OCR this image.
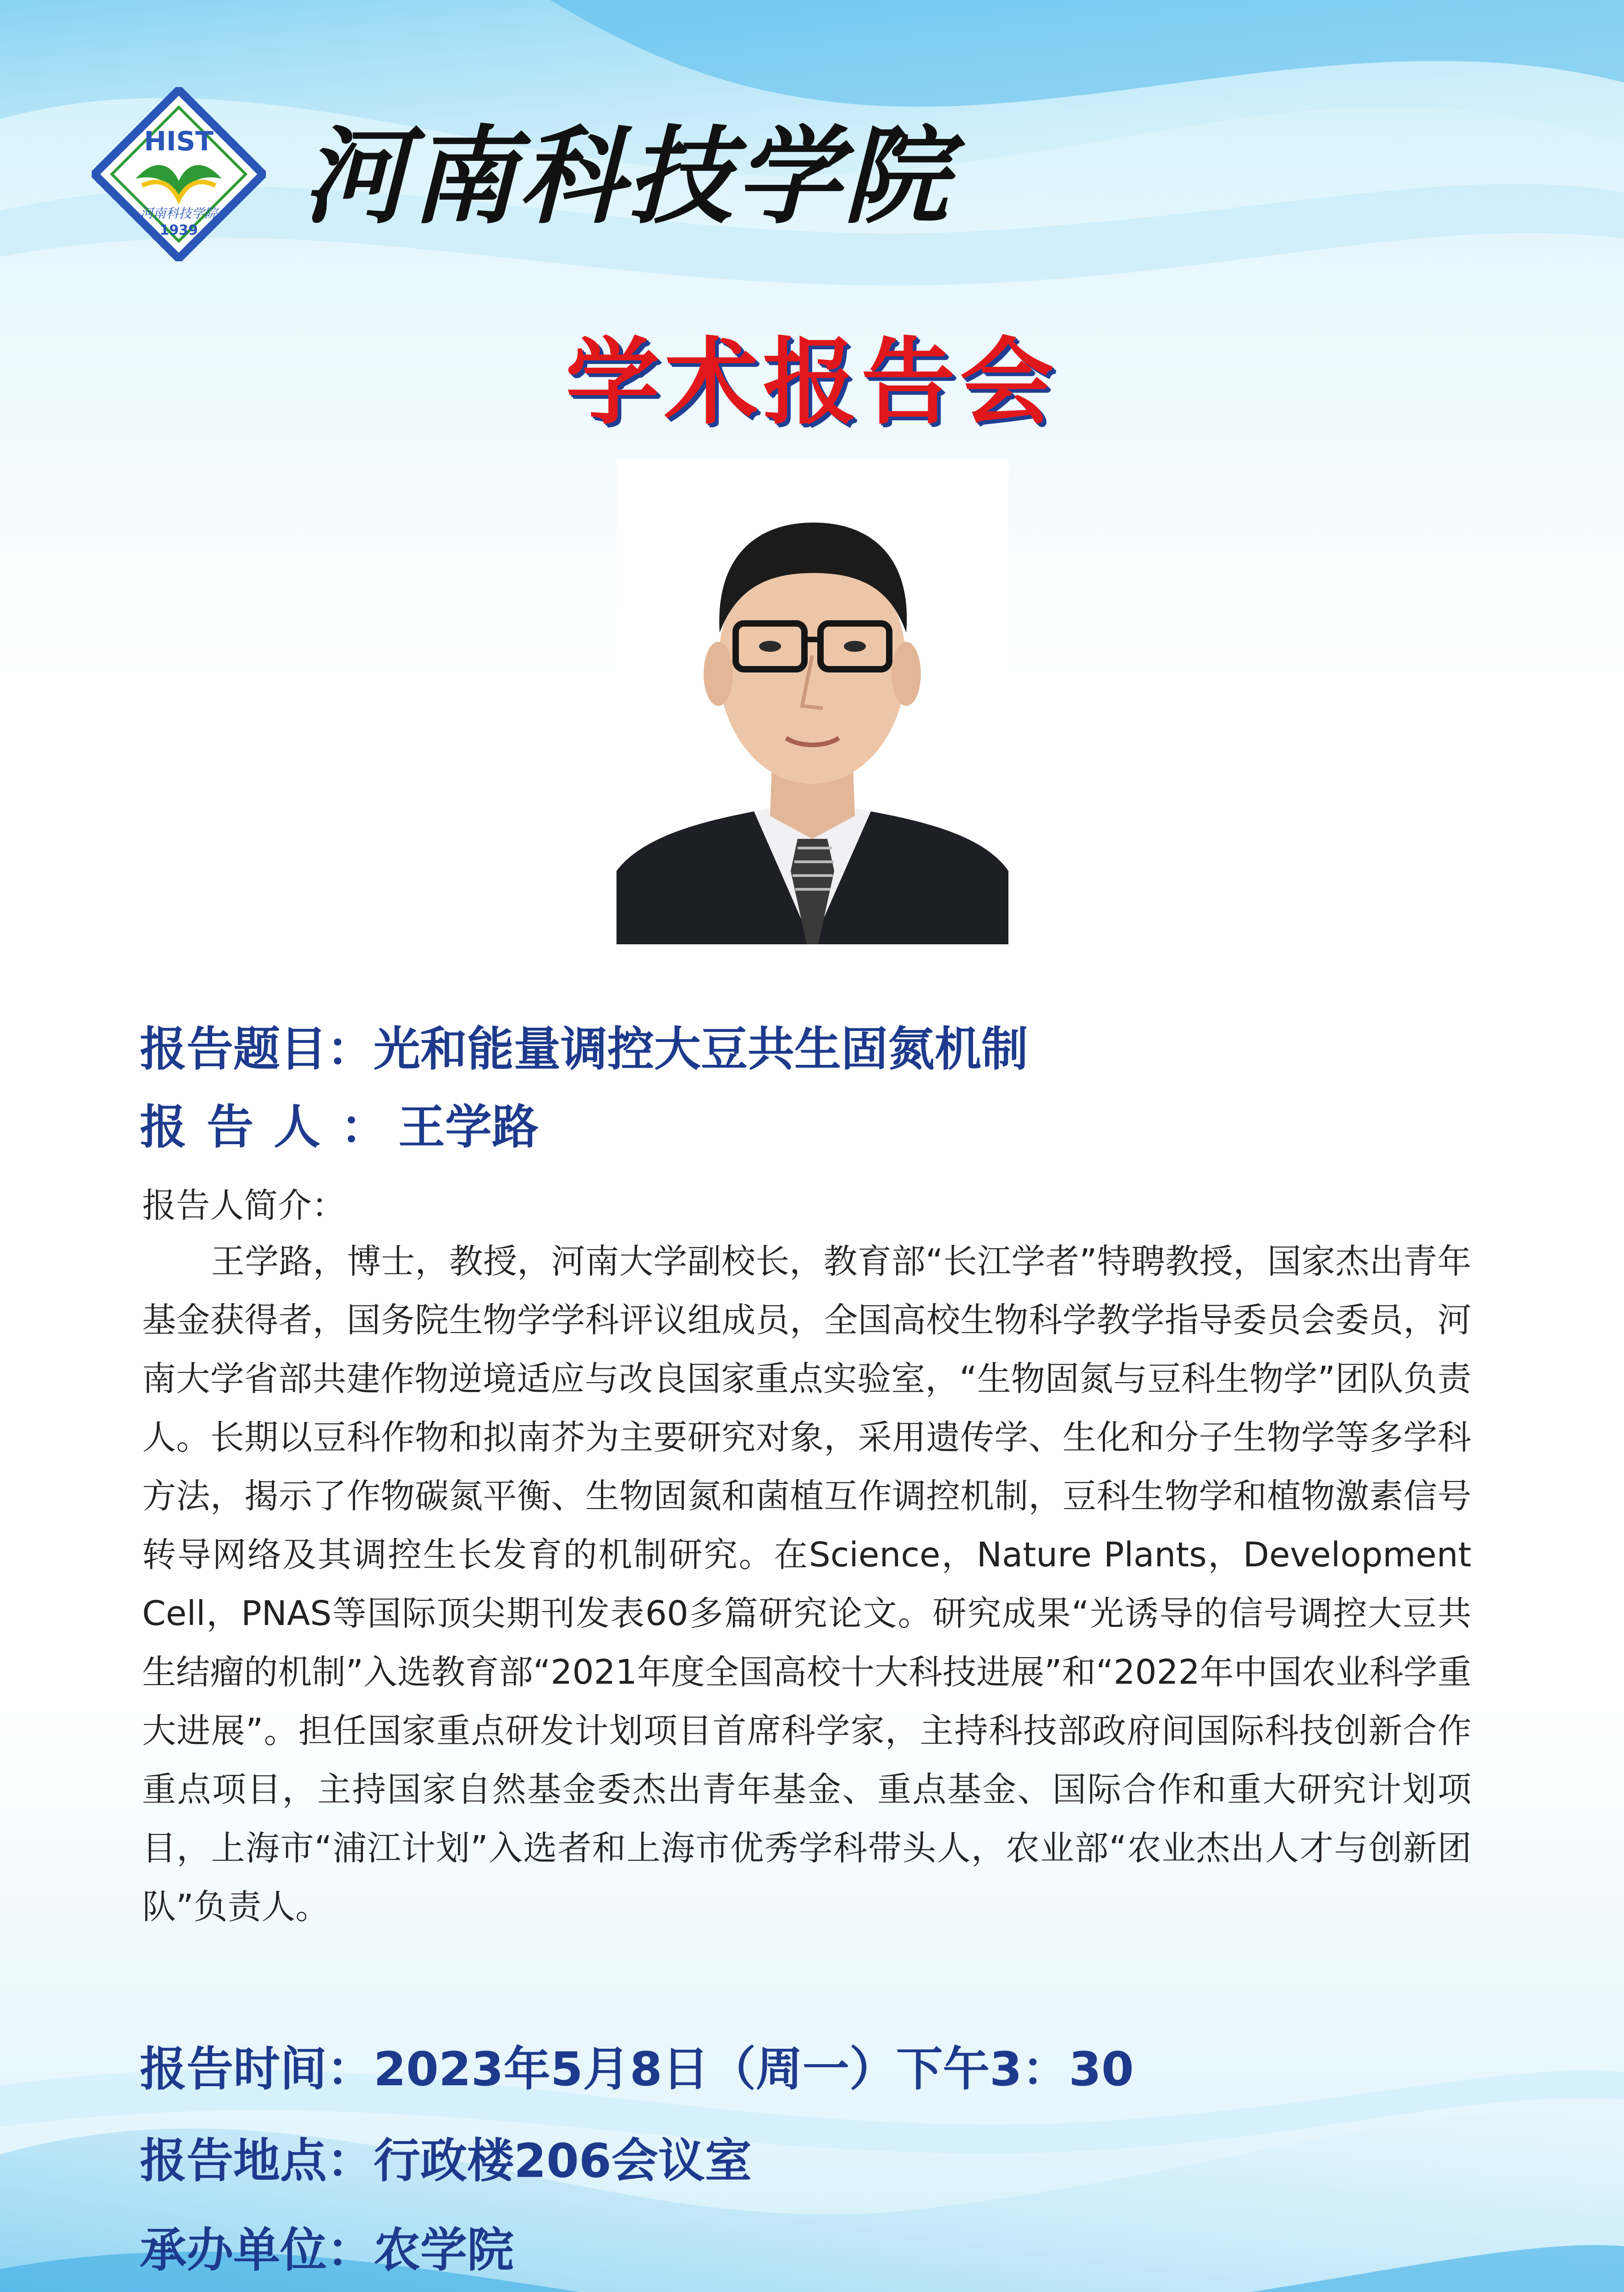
HIST
河南科技学院
1939 河南科技学院
学术报告会
报告题目：光和能量调控大豆共生固氮机制
报告人：王学路
报告人简介：
王学路，博士，教授，河南大学副校长，教育部“长江学者”特聘教授，国家杰出青年基金获得者，国务院生物学学科评议组成员，全国高校生物科学教学指导委员会委员，河南大学省部共建作物逆境适应与改良国家重点实验室，“生物固氮与豆科生物学”团队负责人。长期以豆科作物和拟南芥为主要研究对象，采用遗传学、生化和分子生物学等多学科方法，揭示了作物碳氮平衡、生物固氮和菌植互作调控机制，豆科生物学和植物激素信号转导网络及其调控生长发育的机制研究。在Science，Nature Plants，Development Cell，PNAS等国际顶尖期刊发表60多篇研究论文。研究成果“光诱导的信号调控大豆共生结瘤的机制”入选教育部“2021年度全国高校十大科技进展”和“2022年中国农业科学重大进展”。担任国家重点研发计划项目首席科学家，主持科技部政府间国际科技创新合作重点项目，主持国家自然基金委杰出青年基金、重点基金、国际合作和重大研究计划项目，上海市“浦江计划”入选者和上海市优秀学科带头人，农业部“农业杰出人才与创新团队”负责人。
报告时间：2023年5月8日（周一）下午3：30
报告地点：行政楼206会议室
承办单位：农学院
